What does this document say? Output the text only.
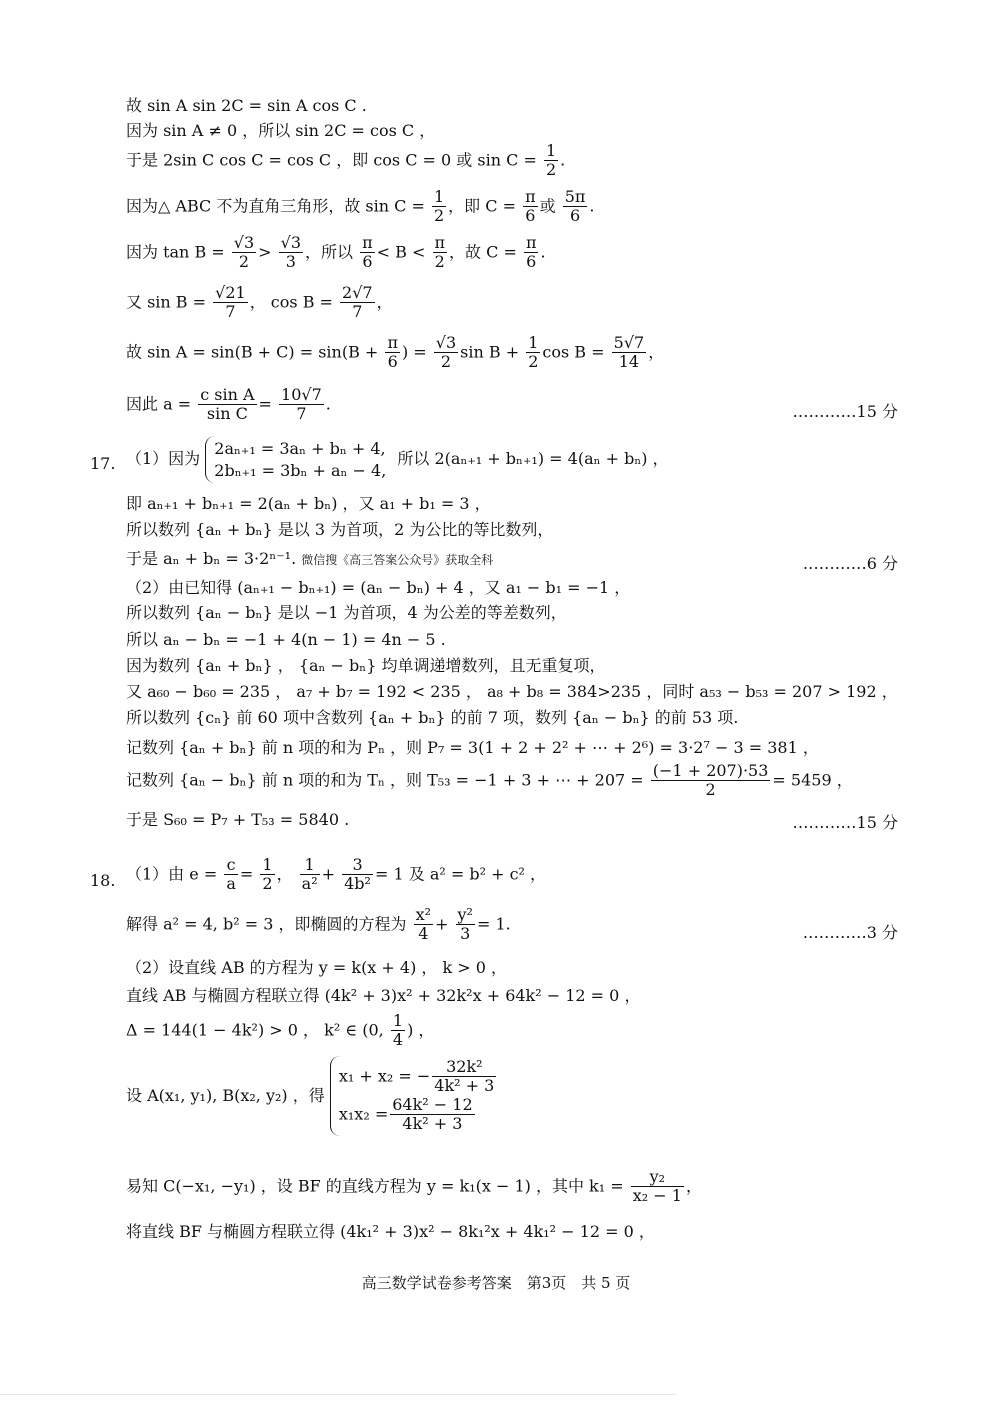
故 sin A sin 2C = sin A cos C .
因为 sin A ≠ 0 ，所以 sin 2C = cos C ，
于是 2sin C cos C = cos C ，即 cos C = 0 或 $\sin C = \frac{1}{2}$ .
因为△ ABC 不为直角三角形，故 $\sin C = \frac{1}{2}$ ，即 $C = \frac{\pi}{6}$ 或 $\frac{5\pi}{6}$ .
因为 $\tan B = \frac{√3}{2} > \frac{√3}{3}$ ，所以 $\frac{\pi}{6} < B < \frac{\pi}{2}$ ，故 $C = \frac{\pi}{6}$ .
又 $\sin B = \frac{√21}{7}$ ， $\cos B = \frac{2√7}{7}$ ，
故 $\sin A = \sin(B + C) = \sin(B + \frac{\pi}{6}$ ) = $\frac{√3}{2}$ $\sin B + \frac{1}{2}$ $\cos B = \frac{5√7}{14}$ ，
因此 $a = \frac{\text{c sin A}}{\text{sin C}} = \frac{10√7}{7}$ .	…………15 分
17. （1）因为
2aₙ₊₁ = 3aₙ + bₙ + 4,
2bₙ₊₁ = 3bₙ + aₙ − 4,
所以 2(aₙ₊₁ + bₙ₊₁) = 4(aₙ + bₙ) ，
即 aₙ₊₁ + bₙ₊₁ = 2(aₙ + bₙ) ，又 a₁ + b₁ = 3 ，
所以数列 {aₙ + bₙ} 是以 3 为首项，2 为公比的等比数列，
于是 aₙ + bₙ = 3·2ⁿ⁻¹. 微信搜《高三答案公众号》获取全科	…………6 分
（2）由已知得 (aₙ₊₁ − bₙ₊₁) = (aₙ − bₙ) + 4 ，又 a₁ − b₁ = −1 ，
所以数列 {aₙ − bₙ} 是以 −1 为首项，4 为公差的等差数列，
所以 aₙ − bₙ = −1 + 4(n − 1) = 4n − 5 .
因为数列 {aₙ + bₙ} ， {aₙ − bₙ} 均单调递增数列，且无重复项，
又 a₆₀ − b₆₀ = 235 ， a₇ + b₇ = 192 < 235 ， a₈ + b₈ = 384>235 ，同时 a₅₃ − b₅₃ = 207 > 192 ，
所以数列 {cₙ} 前 60 项中含数列 {aₙ + bₙ} 的前 7 项，数列 {aₙ − bₙ} 的前 53 项.
记数列 {aₙ + bₙ} 前 n 项的和为 Pₙ ，则 P₇ = 3(1 + 2 + 2² + ⋯ + 2⁶) = 3·2⁷ − 3 = 381 ，
记数列 {aₙ − bₙ} 前 n 项的和为 Tₙ ，则 T₅₃ = −1 + 3 + ⋯ + $207 = \frac{(-1 + 207)\cdot 53}{2} = 5459$ ，
于是 S₆₀ = P₇ + T₅₃ = 5840 .	…………15 分
18. （1）由 $e = \frac{c}{a} = \frac{1}{2}$ ， $\frac{1}{\text{a²}} + \frac{3}{\text{4b²}} = 1$ 及 a² = b² + c² ，
解得 a² = 4, b² = 3 ，即椭圆的方程为 $\frac{\text{x²}}{4} + \frac{\text{y²}}{3} = 1$.	…………3 分
（2）设直线 AB 的方程为 y = k(x + 4) ， k > 0 ，
直线 AB 与椭圆方程联立得 (4k² + 3)x² + 32k²x + 64k² − 12 = 0 ，
Δ = 144(1 − 4k²) > 0 ， k² ∈ (0, $\frac{1}{4}$ ) ，
设 A(x₁, y₁), B(x₂, y₂) ，得
x₁ + x₂ = − $\frac{\text{32k²}}{\text{4k² + 3}}$
$x_1x_2 = \frac{\text{64k² − 12}}{\text{4k² + 3}}$
易知 C(−x₁, −y₁) ，设 BF 的直线方程为 y = k₁(x − 1) ，其中 $k_1 = \frac{\text{y₂}}{\text{x₂ − 1}}$ ，
将直线 BF 与椭圆方程联立得 (4k₁² + 3)x² − 8k₁²x + 4k₁² − 12 = 0 ，
高三数学试卷参考答案　第3页　共 5 页
